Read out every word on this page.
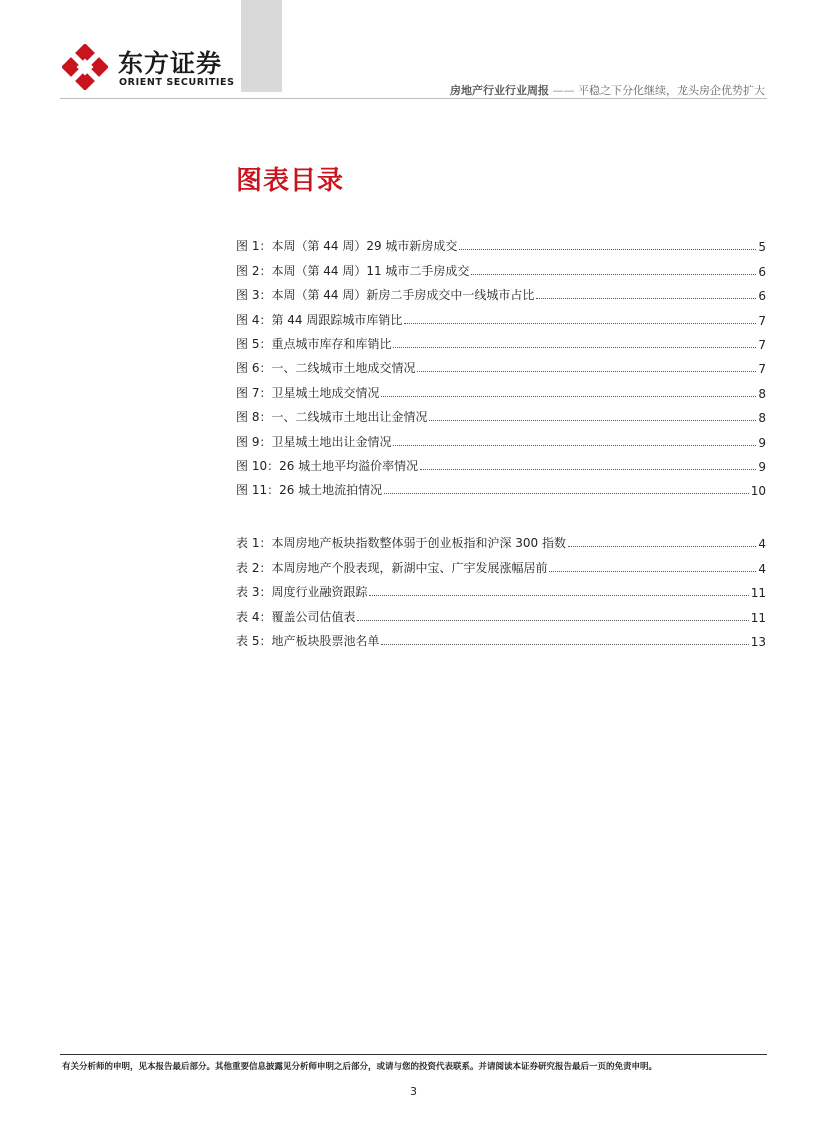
东方证券
ORIENT SECURITIES
房地产行业行业周报 —— 平稳之下分化继续，龙头房企优势扩大
图表目录
图 1：本周（第 44 周）29 城市新房成交	5
图 2：本周（第 44 周）11 城市二手房成交	6
图 3：本周（第 44 周）新房二手房成交中一线城市占比	6
图 4：第 44 周跟踪城市库销比	7
图 5：重点城市库存和库销比	7
图 6：一、二线城市土地成交情况	7
图 7：卫星城土地成交情况	8
图 8：一、二线城市土地出让金情况	8
图 9：卫星城土地出让金情况	9
图 10：26 城土地平均溢价率情况	9
图 11：26 城土地流拍情况	10
表 1：本周房地产板块指数整体弱于创业板指和沪深 300 指数	4
表 2：本周房地产个股表现，新湖中宝、广宇发展涨幅居前	4
表 3：周度行业融资跟踪	11
表 4：覆盖公司估值表	11
表 5：地产板块股票池名单	13
有关分析师的申明，见本报告最后部分。其他重要信息披露见分析师申明之后部分，或请与您的投资代表联系。并请阅读本证券研究报告最后一页的免责申明。
3
